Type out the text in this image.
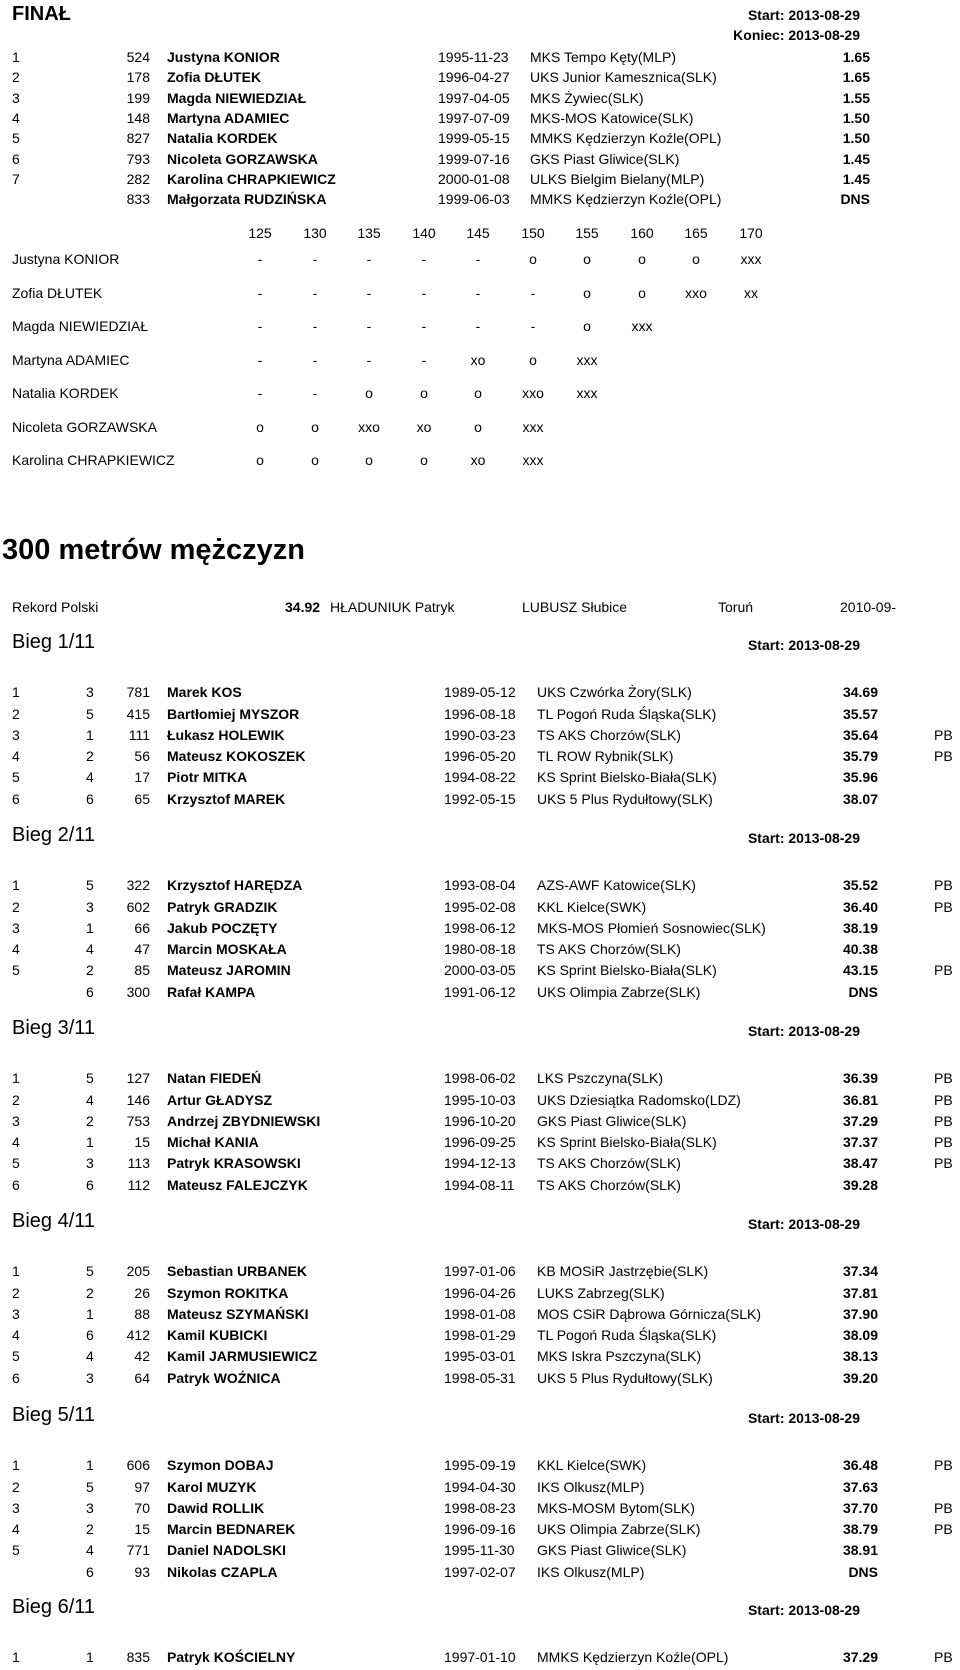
FINAŁ	Start: 2013-08-29
Koniec: 2013-08-29
1	524 Justyna KONIOR	1995-11-23 MKS Tempo Kęty(MLP)	1.65
2	178 Zofia DŁUTEK	1996-04-27 UKS Junior Kamesznica(SLK)	1.65
3	199 Magda NIEWIEDZIAŁ	1997-04-05 MKS Żywiec(SLK)	1.55
4	148 Martyna ADAMIEC	1997-07-09 MKS-MOS Katowice(SLK)	1.50
5	827 Natalia KORDEK	1999-05-15 MMKS Kędzierzyn Koźle(OPL)	1.50
6	793 Nicoleta GORZAWSKA	1999-07-16 GKS Piast Gliwice(SLK)	1.45
7	282 Karolina CHRAPKIEWICZ	2000-01-08 ULKS Bielgim Bielany(MLP)	1.45
833 Małgorzata RUDZIŃSKA	1999-06-03 MMKS Kędzierzyn Koźle(OPL)	DNS
125	130	135	140	145	150	155	160	165	170
Justyna KONIOR	-	-	-	-	-	o	o	o	o	xxx
Zofia DŁUTEK	-	-	-	-	-	-	o	o	xxo	xx
Magda NIEWIEDZIAŁ	-	-	-	-	-	-	o	xxx
Martyna ADAMIEC	-	-	-	-	xo	o	xxx
Natalia KORDEK	-	-	o	o	o	xxo	xxx
Nicoleta GORZAWSKA	o	o	xxo	xo	o	xxx
Karolina CHRAPKIEWICZ	o	o	o	o	xo	xxx
300 metrów mężczyzn
Rekord Polski	34.92 HŁADUNIUK Patryk	LUBUSZ Słubice	Toruń	2010-09-
Bieg 1/11	Start: 2013-08-29
1	3	781 Marek KOS	1989-05-12 UKS Czwórka Żory(SLK)	34.69
2	5	415 Bartłomiej MYSZOR	1996-08-18 TL Pogoń Ruda Śląska(SLK)	35.57
3	1	111 Łukasz HOLEWIK	1990-03-23 TS AKS Chorzów(SLK)	35.64	PB
4	2	56 Mateusz KOKOSZEK	1996-05-20 TL ROW Rybnik(SLK)	35.79	PB
5	4	17 Piotr MITKA	1994-08-22 KS Sprint Bielsko-Biała(SLK)	35.96
6	6	65 Krzysztof MAREK	1992-05-15 UKS 5 Plus Rydułtowy(SLK)	38.07
Bieg 2/11	Start: 2013-08-29
1	5	322 Krzysztof HARĘDZA	1993-08-04 AZS-AWF Katowice(SLK)	35.52	PB
2	3	602 Patryk GRADZIK	1995-02-08 KKL Kielce(SWK)	36.40	PB
3	1	66 Jakub POCZĘTY	1998-06-12 MKS-MOS Płomień Sosnowiec(SLK)	38.19
4	4	47 Marcin MOSKAŁA	1980-08-18 TS AKS Chorzów(SLK)	40.38
5	2	85 Mateusz JAROMIN	2000-03-05 KS Sprint Bielsko-Biała(SLK)	43.15	PB
6	300 Rafał KAMPA	1991-06-12 UKS Olimpia Zabrze(SLK)	DNS
Bieg 3/11	Start: 2013-08-29
1	5	127 Natan FIEDEŃ	1998-06-02 LKS Pszczyna(SLK)	36.39	PB
2	4	146 Artur GŁADYSZ	1995-10-03 UKS Dziesiątka Radomsko(LDZ)	36.81	PB
3	2	753 Andrzej ZBYDNIEWSKI	1996-10-20 GKS Piast Gliwice(SLK)	37.29	PB
4	1	15 Michał KANIA	1996-09-25 KS Sprint Bielsko-Biała(SLK)	37.37	PB
5	3	113 Patryk KRASOWSKI	1994-12-13 TS AKS Chorzów(SLK)	38.47	PB
6	6	112 Mateusz FALEJCZYK	1994-08-11 TS AKS Chorzów(SLK)	39.28
Bieg 4/11	Start: 2013-08-29
1	5	205 Sebastian URBANEK	1997-01-06 KB MOSiR Jastrzębie(SLK)	37.34
2	2	26 Szymon ROKITKA	1996-04-26 LUKS Zabrzeg(SLK)	37.81
3	1	88 Mateusz SZYMAŃSKI	1998-01-08 MOS CSiR Dąbrowa Górnicza(SLK)	37.90
4	6	412 Kamil KUBICKI	1998-01-29 TL Pogoń Ruda Śląska(SLK)	38.09
5	4	42 Kamil JARMUSIEWICZ	1995-03-01 MKS Iskra Pszczyna(SLK)	38.13
6	3	64 Patryk WOŹNICA	1998-05-31 UKS 5 Plus Rydułtowy(SLK)	39.20
Bieg 5/11	Start: 2013-08-29
1	1	606 Szymon DOBAJ	1995-09-19 KKL Kielce(SWK)	36.48	PB
2	5	97 Karol MUZYK	1994-04-30 IKS Olkusz(MLP)	37.63
3	3	70 Dawid ROLLIK	1998-08-23 MKS-MOSM Bytom(SLK)	37.70	PB
4	2	15 Marcin BEDNAREK	1996-09-16 UKS Olimpia Zabrze(SLK)	38.79	PB
5	4	771 Daniel NADOLSKI	1995-11-30 GKS Piast Gliwice(SLK)	38.91
6	93 Nikolas CZAPLA	1997-02-07 IKS Olkusz(MLP)	DNS
Bieg 6/11	Start: 2013-08-29
1	1	835 Patryk KOŚCIELNY	1997-01-10 MMKS Kędzierzyn Koźle(OPL)	37.29	PB
